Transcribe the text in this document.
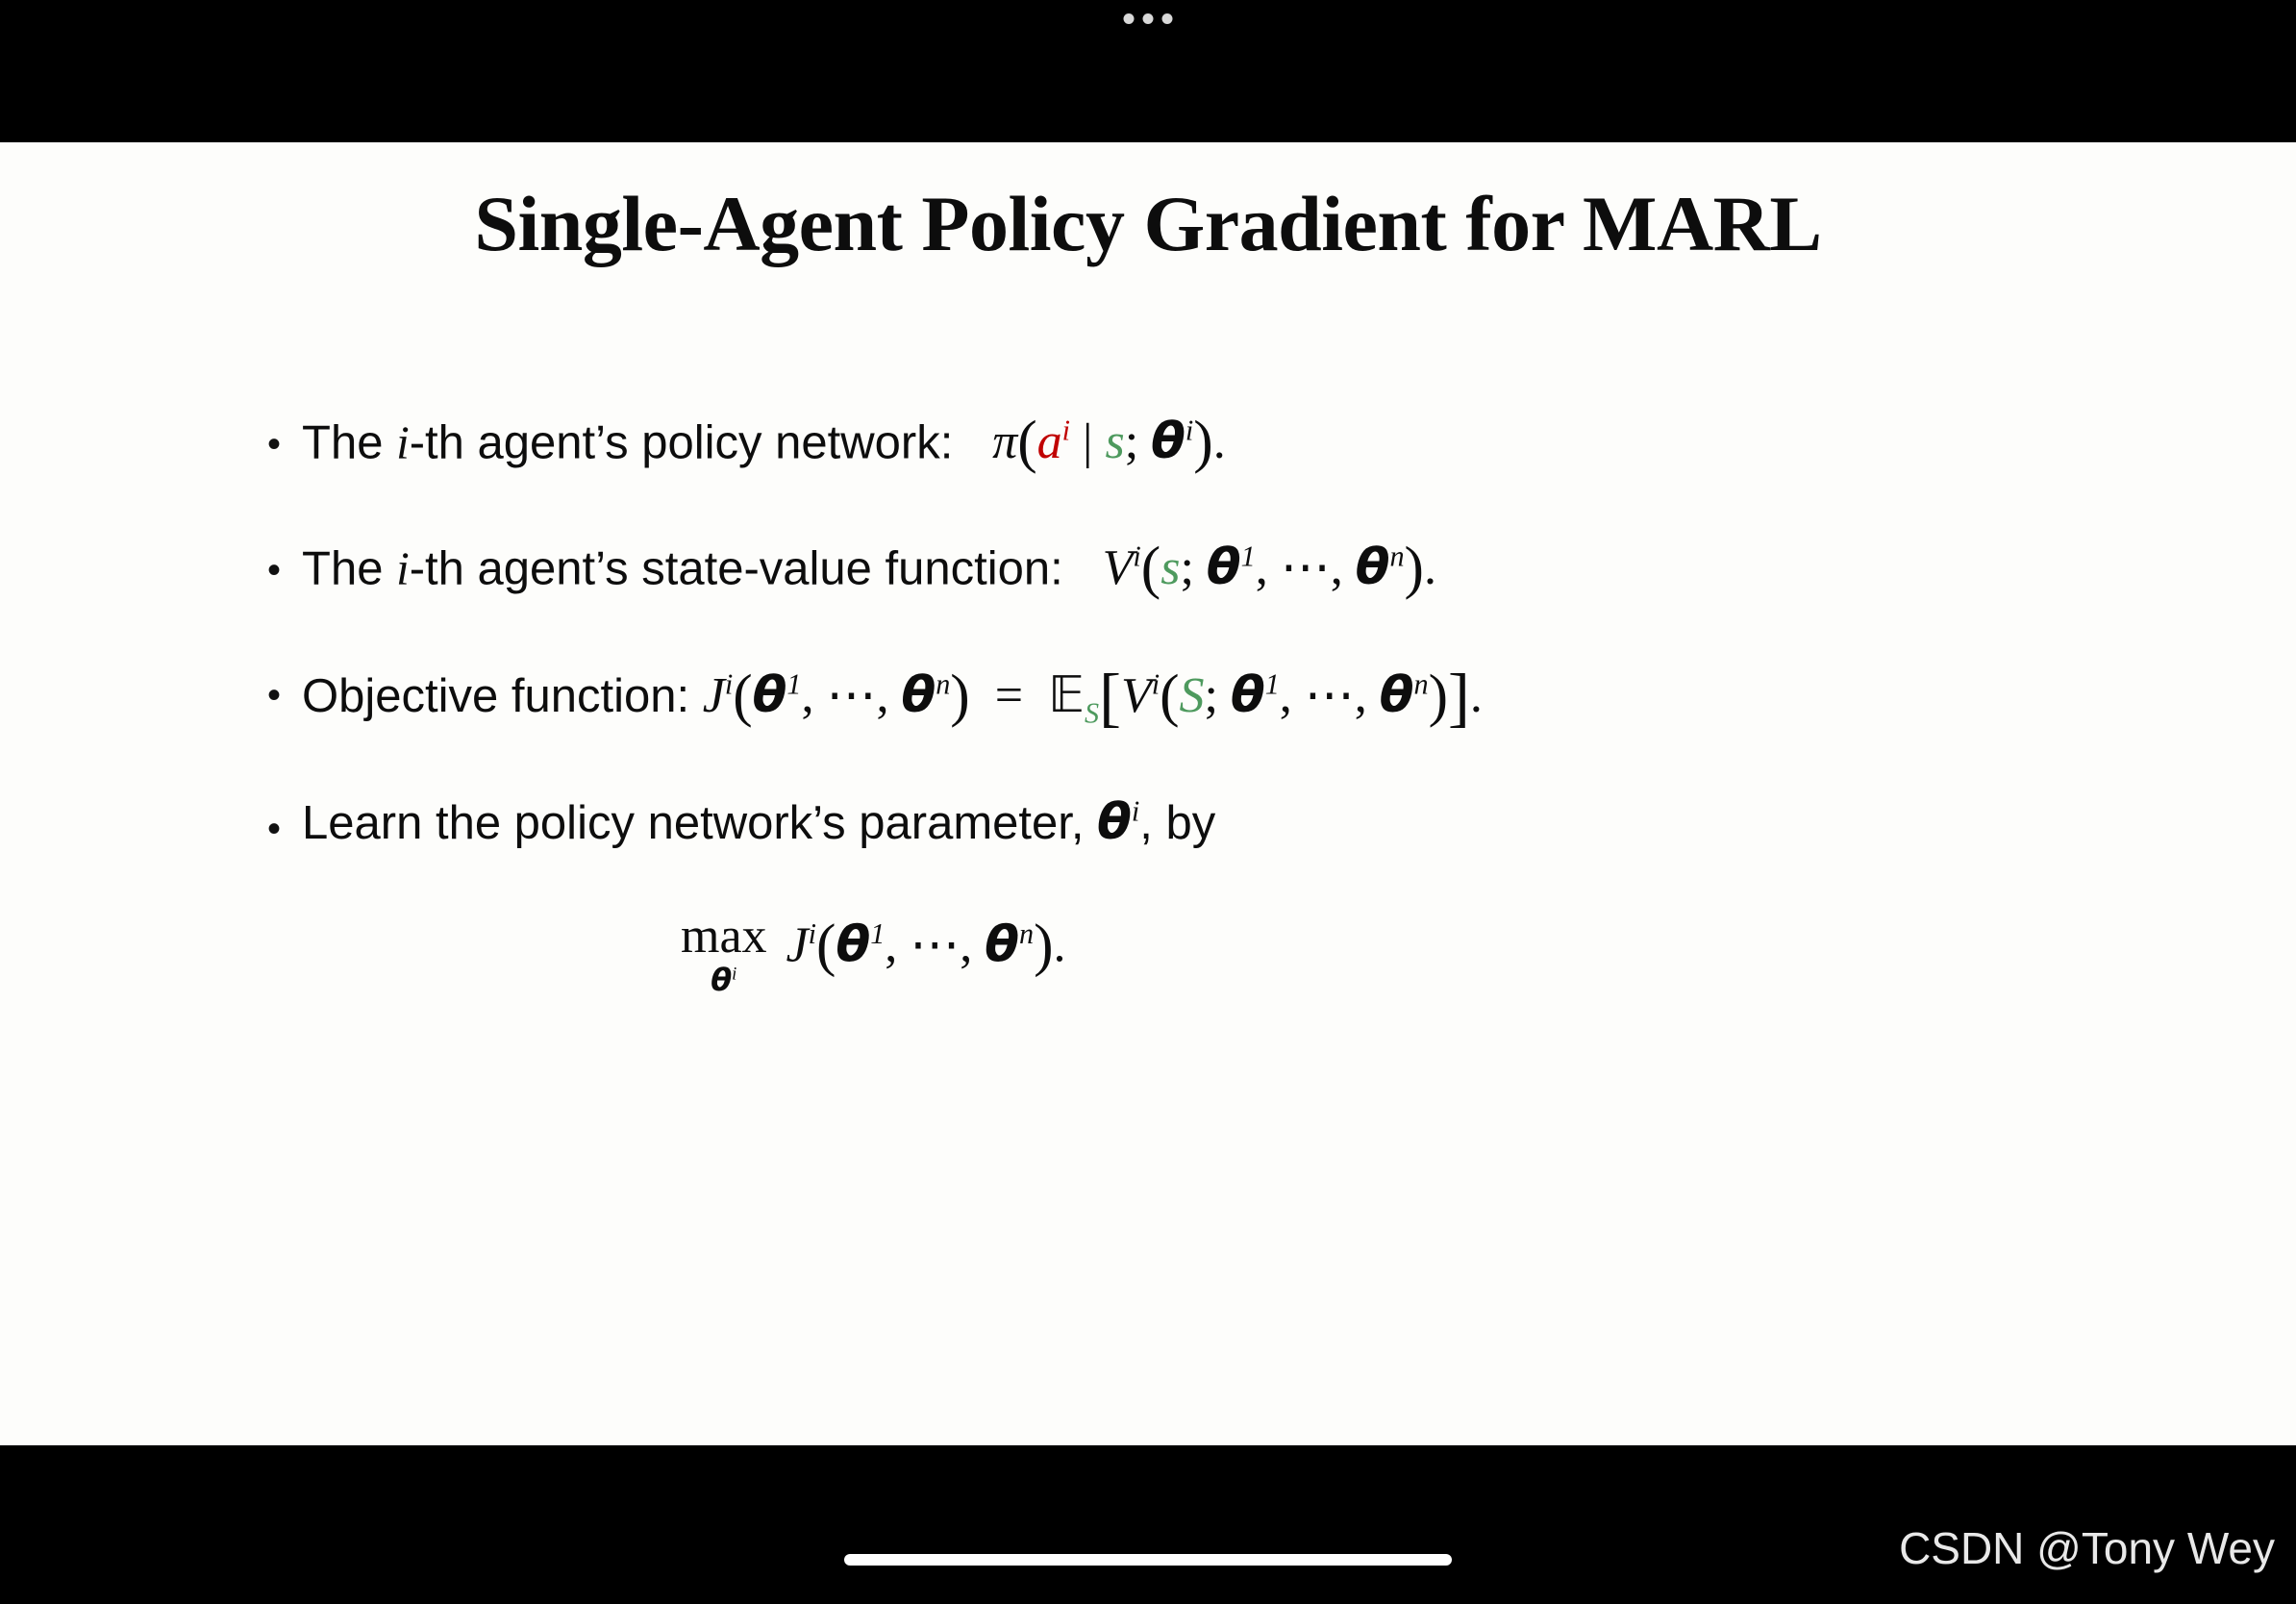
Single-Agent Policy Gradient for MARL
• The i-th agent’s policy network: $\pi(a^i$ | s; $\theta^i$).
• The i-th agent’s state-value function: $V^i(s$; $\theta^1$, ⋯, $\theta^n$).
• Objective function: $J^i(\theta^1$, ⋯, $\theta^n$)  =  $𝔼_S[V^i(S$; $\theta^1$, ⋯, $\theta^n$)].
• Learn the policy network’s parameter, $\theta^i$, by
max
$\theta^i$
$J^i(\theta^1$, ⋯, $\theta^n$).
CSDN @Tony Wey
